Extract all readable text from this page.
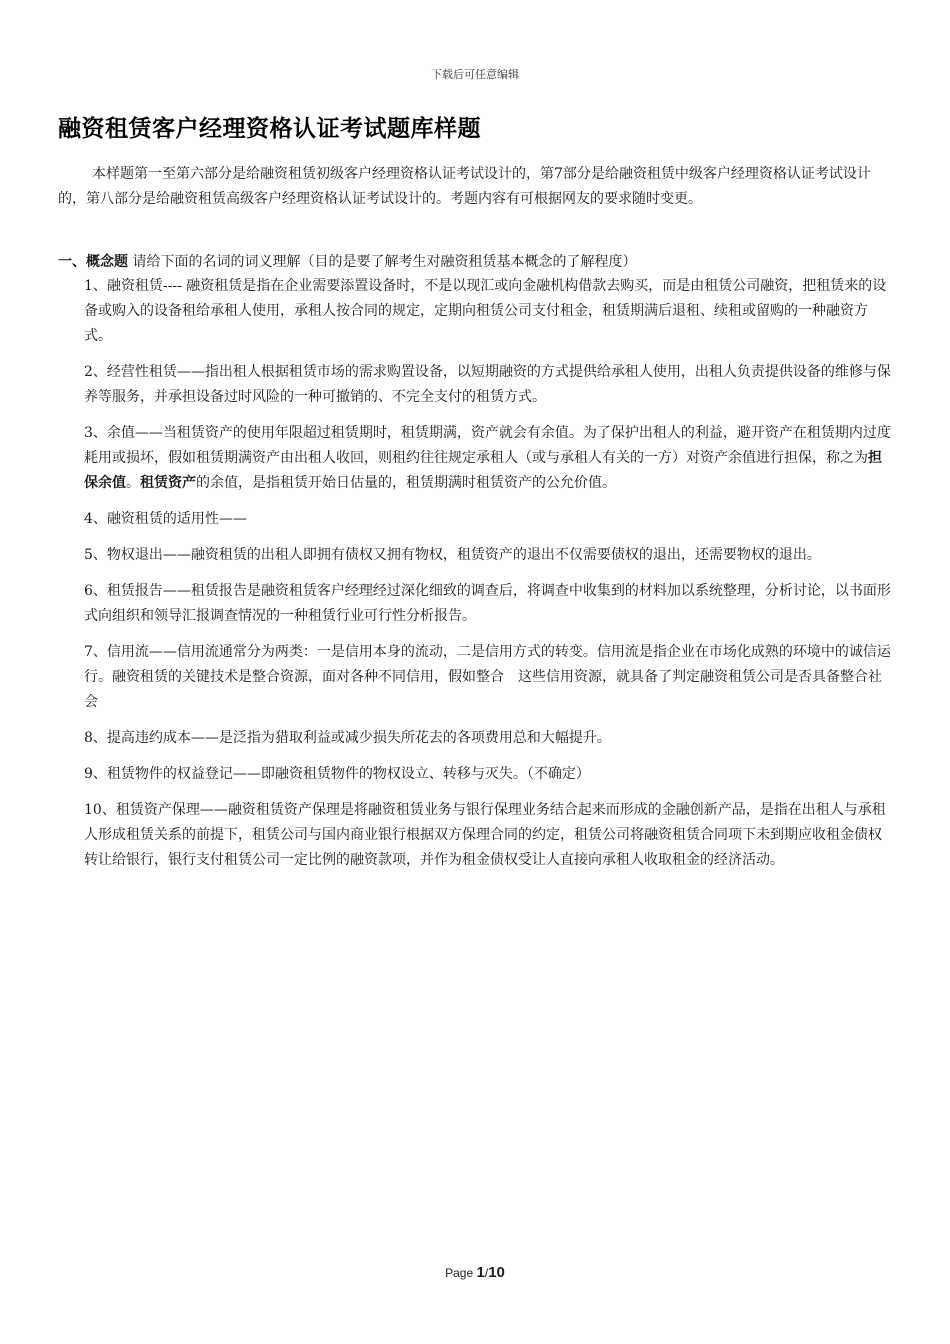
下载后可任意编辑
融资租赁客户经理资格认证考试题库样题
本样题第一至第六部分是给融资租赁初级客户经理资格认证考试设计的，第7部分是给融资租赁中级客户经理资格认证考试设计的，第八部分是给融资租赁高级客户经理资格认证考试设计的。考题内容有可根据网友的要求随时变更。
一、概念题 请给下面的名词的词义理解（目的是要了解考生对融资租赁基本概念的了解程度）

1、融资租赁---- 融资租赁是指在企业需要添置设备时，不是以现汇或向金融机构借款去购买，而是由租赁公司融资，把租赁来的设备或购入的设备租给承租人使用，承租人按合同的规定，定期向租赁公司支付租金，租赁期满后退租、续租或留购的一种融资方式。

2、经营性租赁——指出租人根据租赁市场的需求购置设备，以短期融资的方式提供给承租人使用，出租人负责提供设备的维修与保养等服务，并承担设备过时风险的一种可撤销的、不完全支付的租赁方式。

3、余值——当租赁资产的使用年限超过租赁期时，租赁期满，资产就会有余值。为了保护出租人的利益，避开资产在租赁期内过度耗用或损坏，假如租赁期满资产由出租人收回，则租约往往规定承租人（或与承租人有关的一方）对资产余值进行担保，称之为担保余值。租赁资产的余值，是指租赁开始日估量的，租赁期满时租赁资产的公允价值。

4、融资租赁的适用性——

5、物权退出——融资租赁的出租人即拥有债权又拥有物权，租赁资产的退出不仅需要债权的退出，还需要物权的退出。

6、租赁报告——租赁报告是融资租赁客户经理经过深化细致的调查后，将调查中收集到的材料加以系统整理，分析讨论，以书面形式向组织和领导汇报调查情况的一种租赁行业可行性分析报告。

7、信用流——信用流通常分为两类：一是信用本身的流动，二是信用方式的转变。信用流是指企业在市场化成熟的环境中的诚信运行。融资租赁的关键技术是整合资源，面对各种不同信用，假如整合　这些信用资源，就具备了判定融资租赁公司是否具备整合社会

8、提高违约成本——是泛指为猎取利益或减少损失所花去的各项费用总和大幅提升。

9、租赁物件的权益登记——即融资租赁物件的物权设立、转移与灭失。（不确定）

10、租赁资产保理——融资租赁资产保理是将融资租赁业务与银行保理业务结合起来而形成的金融创新产品，是指在出租人与承租人形成租赁关系的前提下，租赁公司与国内商业银行根据双方保理合同的约定，租赁公司将融资租赁合同项下未到期应收租金债权转让给银行，银行支付租赁公司一定比例的融资款项，并作为租金债权受让人直接向承租人收取租金的经济活动。

Page 1/10
